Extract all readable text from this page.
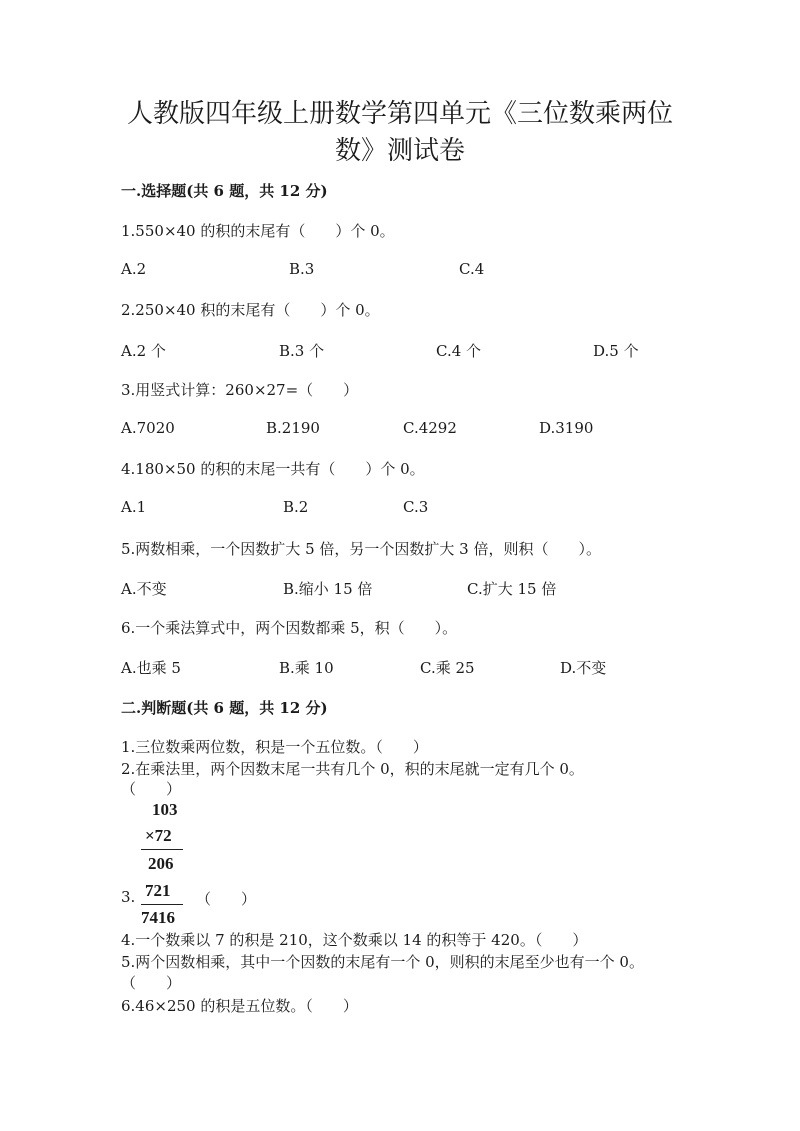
人教版四年级上册数学第四单元《三位数乘两位
数》测试卷
一.选择题(共 6 题，共 12 分)
1.550×40 的积的末尾有（　　）个 0。
A.2	B.3	C.4
2.250×40 积的末尾有（　　）个 0。
A.2 个	B.3 个	C.4 个	D.5 个
3.用竖式计算：260×27=（　　）
A.7020	B.2190	C.4292	D.3190
4.180×50 的积的末尾一共有（　　）个 0。
A.1	B.2	C.3
5.两数相乘，一个因数扩大 5 倍，另一个因数扩大 3 倍，则积（　　）。
A.不变	B.缩小 15 倍	C.扩大 15 倍
6.一个乘法算式中，两个因数都乘 5，积（　　）。
A.也乘 5	B.乘 10	C.乘 25	D.不变
二.判断题(共 6 题，共 12 分)
1.三位数乘两位数，积是一个五位数。（　　）
2.在乘法里，两个因数末尾一共有几个 0，积的末尾就一定有几个 0。
（　　）
103
×72
206
3. 721
7416
（　　）
4.一个数乘以 7 的积是 210，这个数乘以 14 的积等于 420。（　　）
5.两个因数相乘，其中一个因数的末尾有一个 0，则积的末尾至少也有一个 0。
（　　）
6.46×250 的积是五位数。（　　）
